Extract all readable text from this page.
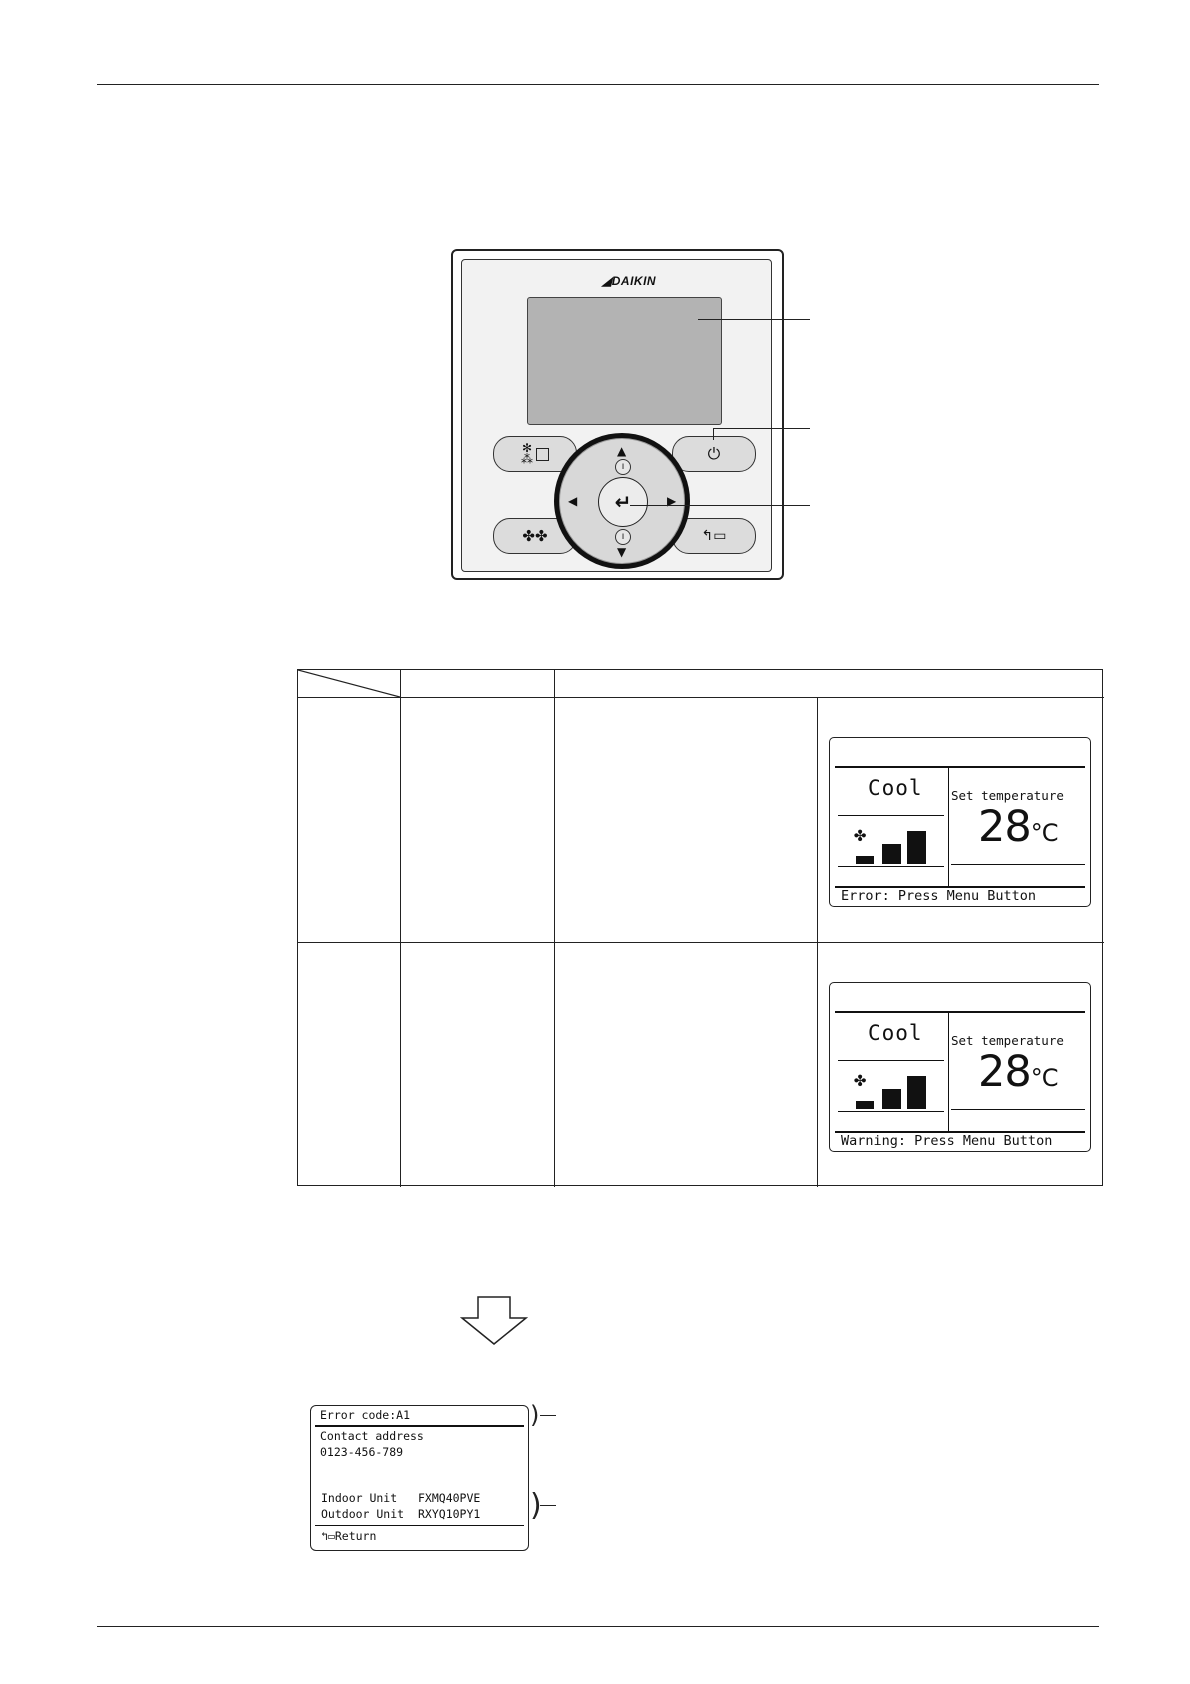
◢DAIKIN
✻
⁂
✤✤
⏻
↰▭
▲
▼
◀	▶
ı
ı
↵
Cool
✤
Set temperature
28°C
Error: Press Menu Button
Cool
✤
Set temperature
28°C
Warning: Press Menu Button
Error code:A1
Contact address
0123-456-789
Indoor Unit FXMQ40PVE
Outdoor Unit RXYQ10PY1
↰▭Return
)
)
